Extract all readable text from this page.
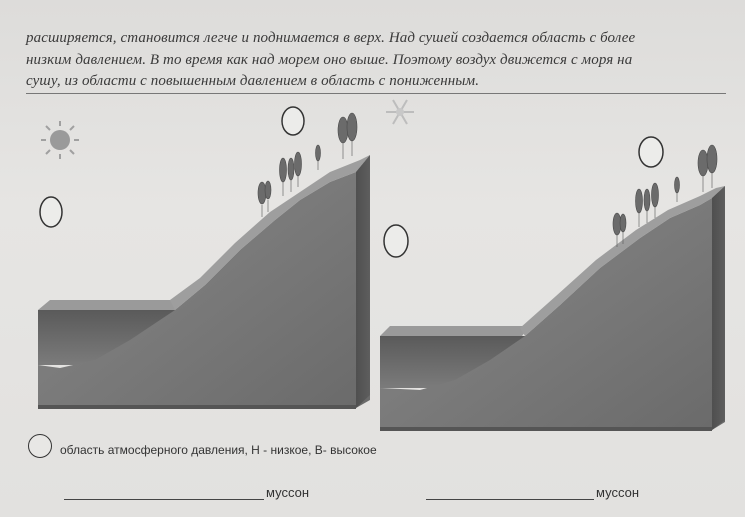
расширяется, становится легче и поднимается в верх. Над сушей создается область с более
низким давлением. В то время как над морем оно выше. Поэтому воздух движется с моря на
сушу, из области с повышенным давлением в область с пониженным.
область атмосферного давления, Н - низкое, В- высокое
муссон	муссон
